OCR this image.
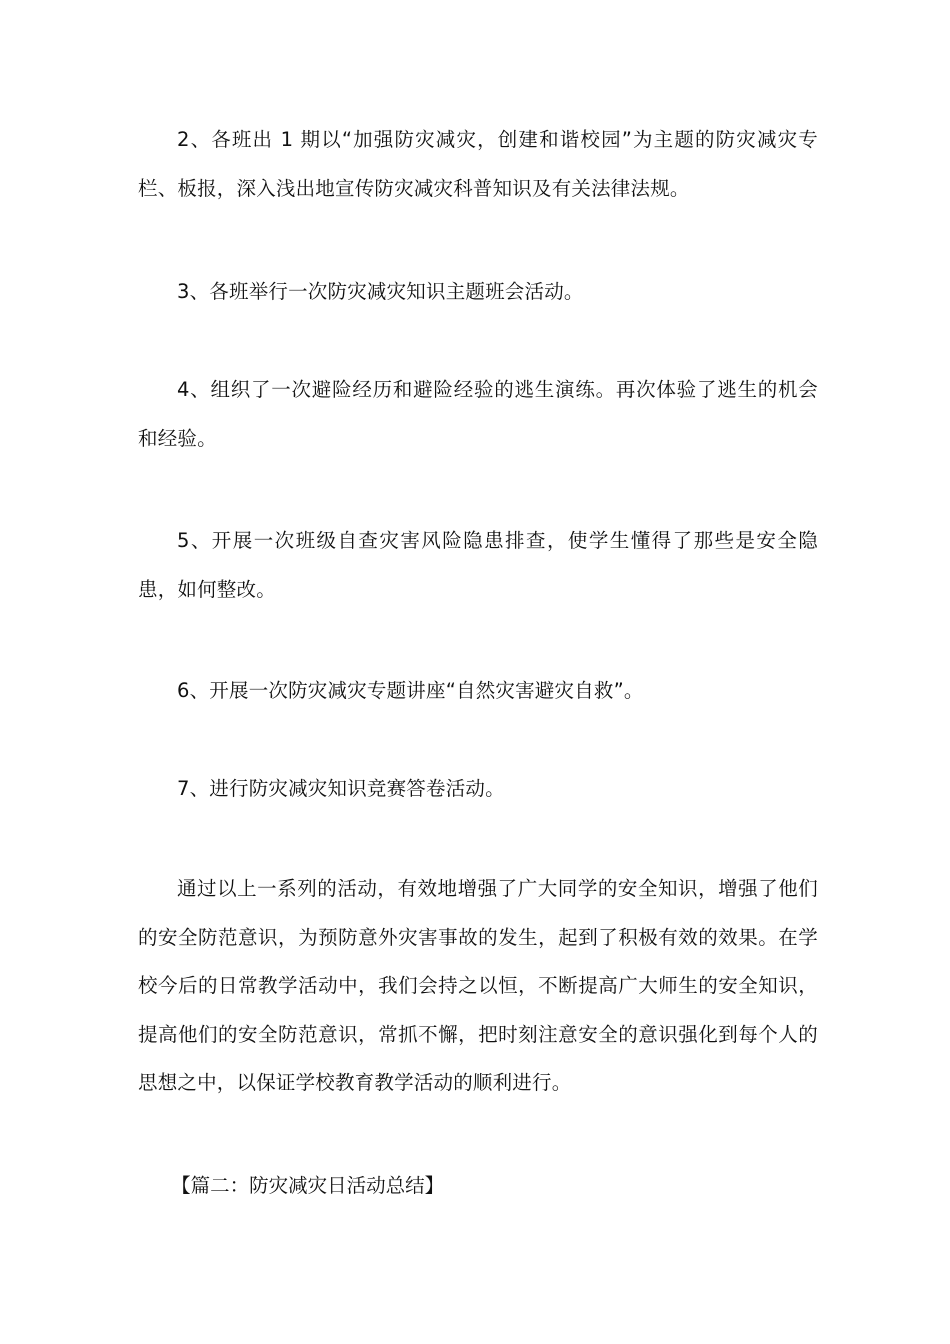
2、各班出 1 期以“加强防灾减灾，创建和谐校园”为主题的防灾减灾专栏、板报，深入浅出地宣传防灾减灾科普知识及有关法律法规。

3、各班举行一次防灾减灾知识主题班会活动。

4、组织了一次避险经历和避险经验的逃生演练。再次体验了逃生的机会和经验。

5、开展一次班级自查灾害风险隐患排查，使学生懂得了那些是安全隐患，如何整改。

6、开展一次防灾减灾专题讲座“自然灾害避灾自救”。

7、进行防灾减灾知识竞赛答卷活动。

通过以上一系列的活动，有效地增强了广大同学的安全知识，增强了他们的安全防范意识，为预防意外灾害事故的发生，起到了积极有效的效果。在学校今后的日常教学活动中，我们会持之以恒，不断提高广大师生的安全知识，提高他们的安全防范意识，常抓不懈，把时刻注意安全的意识强化到每个人的思想之中，以保证学校教育教学活动的顺利进行。

【篇二：防灾减灾日活动总结】
